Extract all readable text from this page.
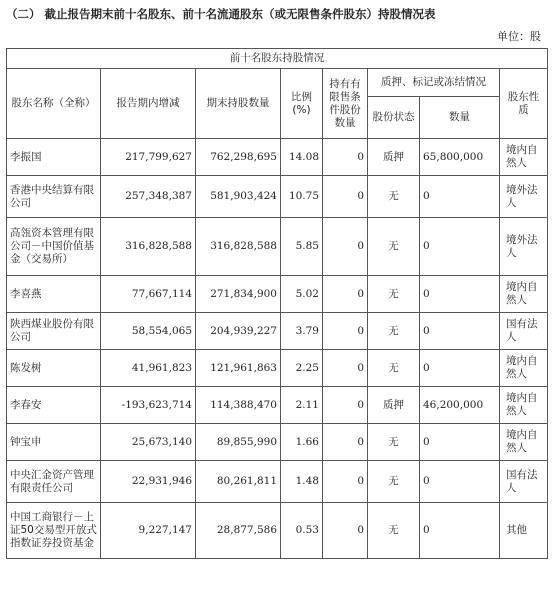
（二） 截止报告期末前十名股东、前十名流通股东（或无限售条件股东）持股情况表
单位：股
前十名股东持股情况							
股东名称（全称）	报告期内增减	期末持股数量	比例(%)	持有有限售条件股份数量	质押、标记或冻结情况		股东性质
					股份状态	数量	
李振国	217,799,627	762,298,695	14.08	0	质押	65,800,000	境内自然人
香港中央结算有限公司	257,348,387	581,903,424	10.75	0	无	0	境外法人
高瓴资本管理有限公司－中国价值基金（交易所）	316,828,588	316,828,588	5.85	0	无	0	境外法人
李喜燕	77,667,114	271,834,900	5.02	0	无	0	境内自然人
陕西煤业股份有限公司	58,554,065	204,939,227	3.79	0	无	0	国有法人
陈发树	41,961,823	121,961,863	2.25	0	无	0	境内自然人
李春安	-193,623,714	114,388,470	2.11	0	质押	46,200,000	境内自然人
钟宝申	25,673,140	89,855,990	1.66	0	无	0	境内自然人
中央汇金资产管理有限责任公司	22,931,946	80,261,811	1.48	0	无	0	国有法人
中国工商银行－上证50交易型开放式指数证券投资基金	9,227,147	28,877,586	0.53	0	无	0	其他
